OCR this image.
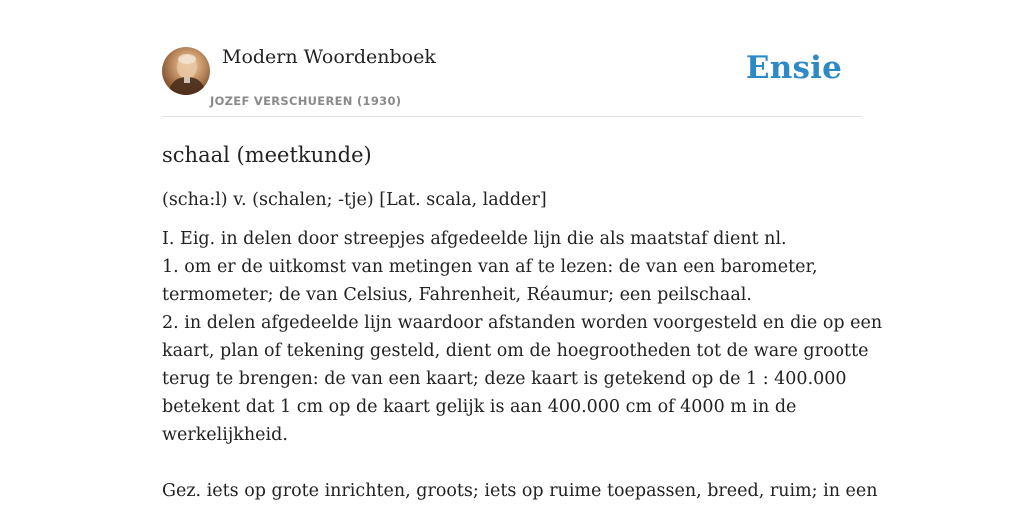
Modern Woordenboek
JOZEF VERSCHUEREN (1930)
Ensie
schaal (meetkunde)

(scha:l) v. (schalen; -tje) [Lat. scala, ladder]

I. Eig. in delen door streepjes afgedeelde lijn die als maatstaf dient nl.
1. om er de uitkomst van metingen van af te lezen: de van een barometer,
termometer; de van Celsius, Fahrenheit, Réaumur; een peilschaal.
2. in delen afgedeelde lijn waardoor afstanden worden voorgesteld en die op een
kaart, plan of tekening gesteld, dient om de hoegrootheden tot de ware grootte
terug te brengen: de van een kaart; deze kaart is getekend op de 1 : 400.000
betekent dat 1 cm op de kaart gelijk is aan 400.000 cm of 4000 m in de
werkelijkheid.
Gez. iets op grote inrichten, groots; iets op ruime toepassen, breed, ruim; in een
